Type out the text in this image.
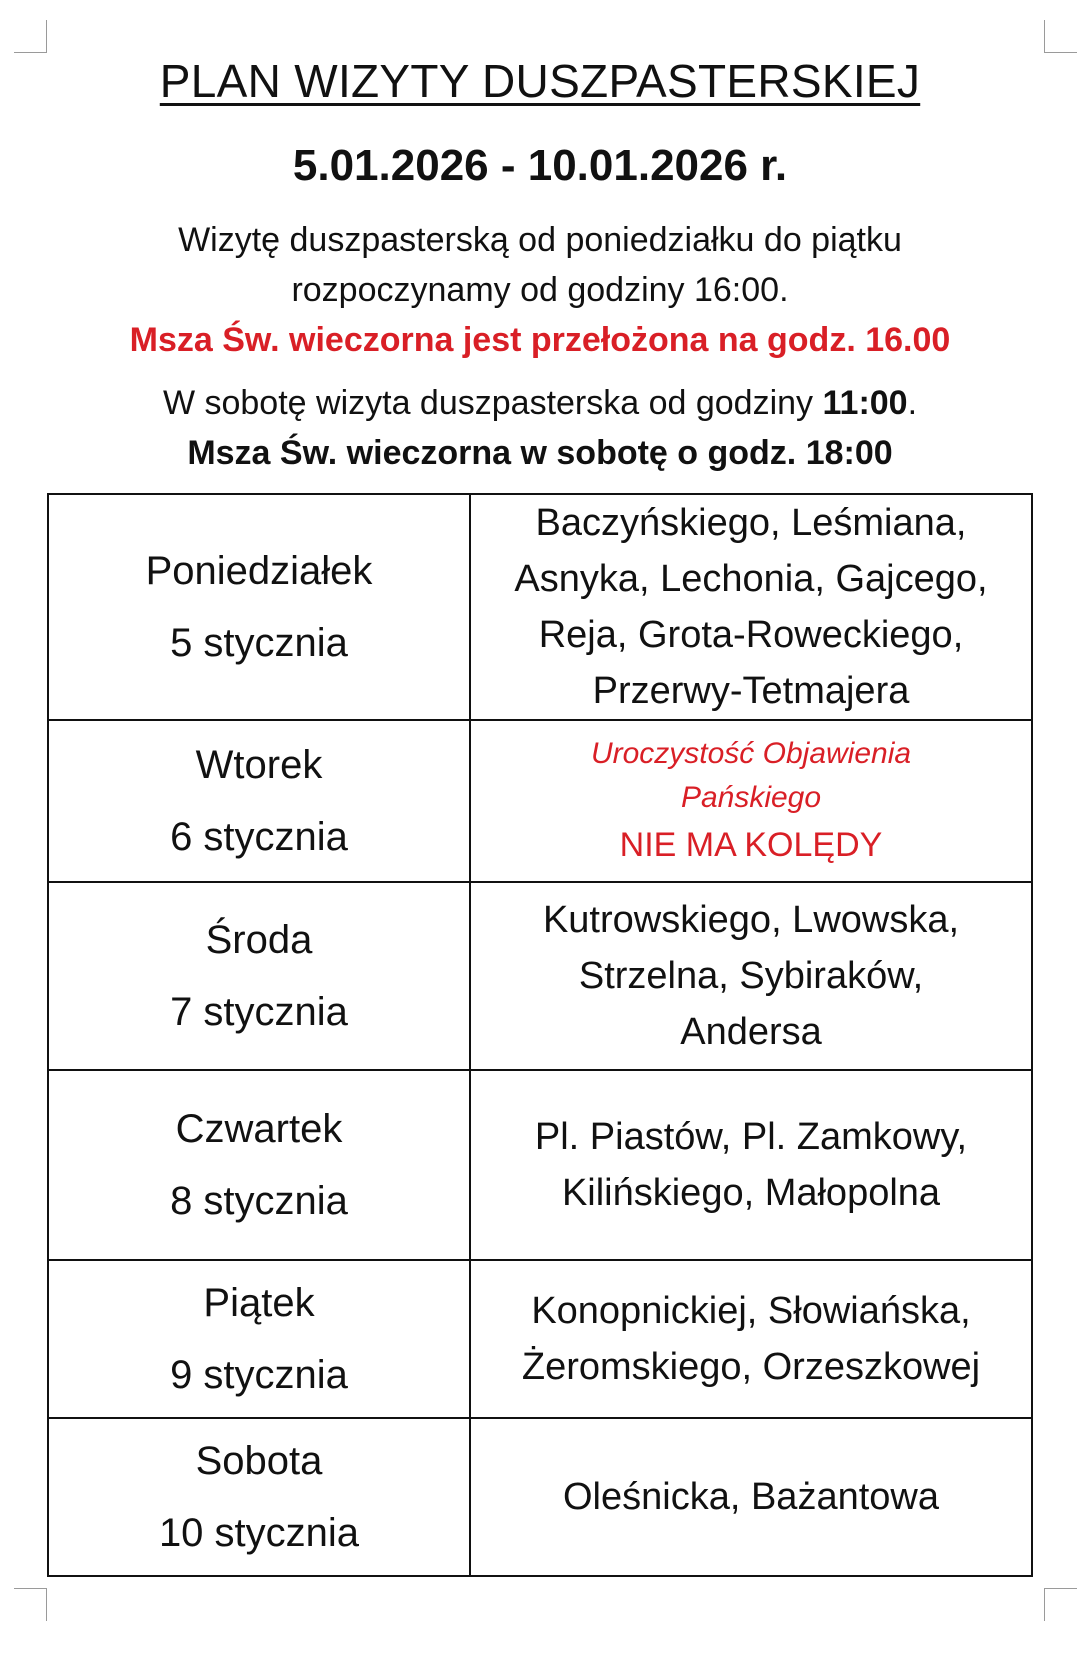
PLAN WIZYTY DUSZPASTERSKIEJ
5.01.2026 - 10.01.2026 r.
Wizytę duszpasterską od poniedziałku do piątku
rozpoczynamy od godziny 16:00.
Msza Św. wieczorna jest przełożona na godz. 16.00
W sobotę wizyta duszpasterska od godziny 11:00.
Msza Św. wieczorna w sobotę o godz. 18:00
Poniedziałek
5 stycznia	Baczyńskiego, Leśmiana,
Asnyka, Lechonia, Gajcego,
Reja, Grota-Roweckiego,
Przerwy-Tetmajera

Wtorek
6 stycznia	Uroczystość Objawienia
Pańskiego
NIE MA KOLĘDY

Środa
7 stycznia	Kutrowskiego, Lwowska,
Strzelna, Sybiraków,
Andersa

Czwartek
8 stycznia	Pl. Piastów, Pl. Zamkowy,
Kilińskiego, Małopolna

Piątek
9 stycznia	Konopnickiej, Słowiańska,
Żeromskiego, Orzeszkowej

Sobota
10 stycznia	Oleśnicka, Bażantowa
